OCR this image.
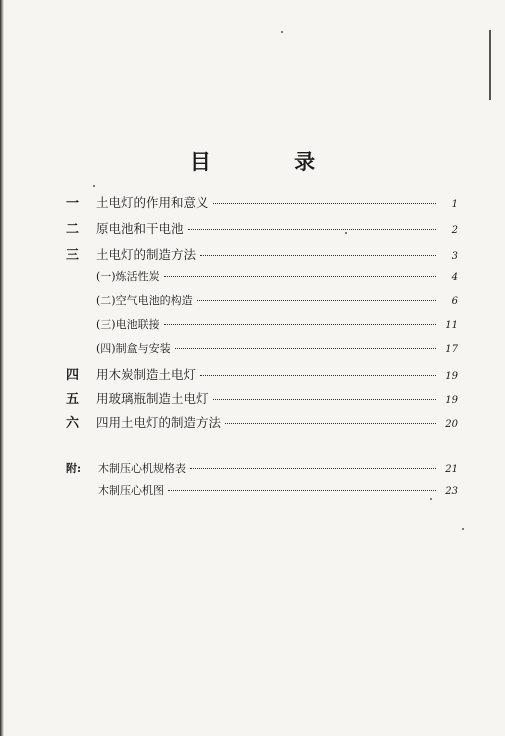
目 录
一	土电灯的作用和意义	1
二	原电池和干电池	2
三	土电灯的制造方法	3
(一)炼活性炭	4
(二)空气电池的构造	6
(三)电池联接	11
(四)制盒与安装	17
四	用木炭制造土电灯	19
五	用玻璃瓶制造土电灯	19
六	四用土电灯的制造方法	20
附:	木制压心机规格表	21
木制压心机图	23
